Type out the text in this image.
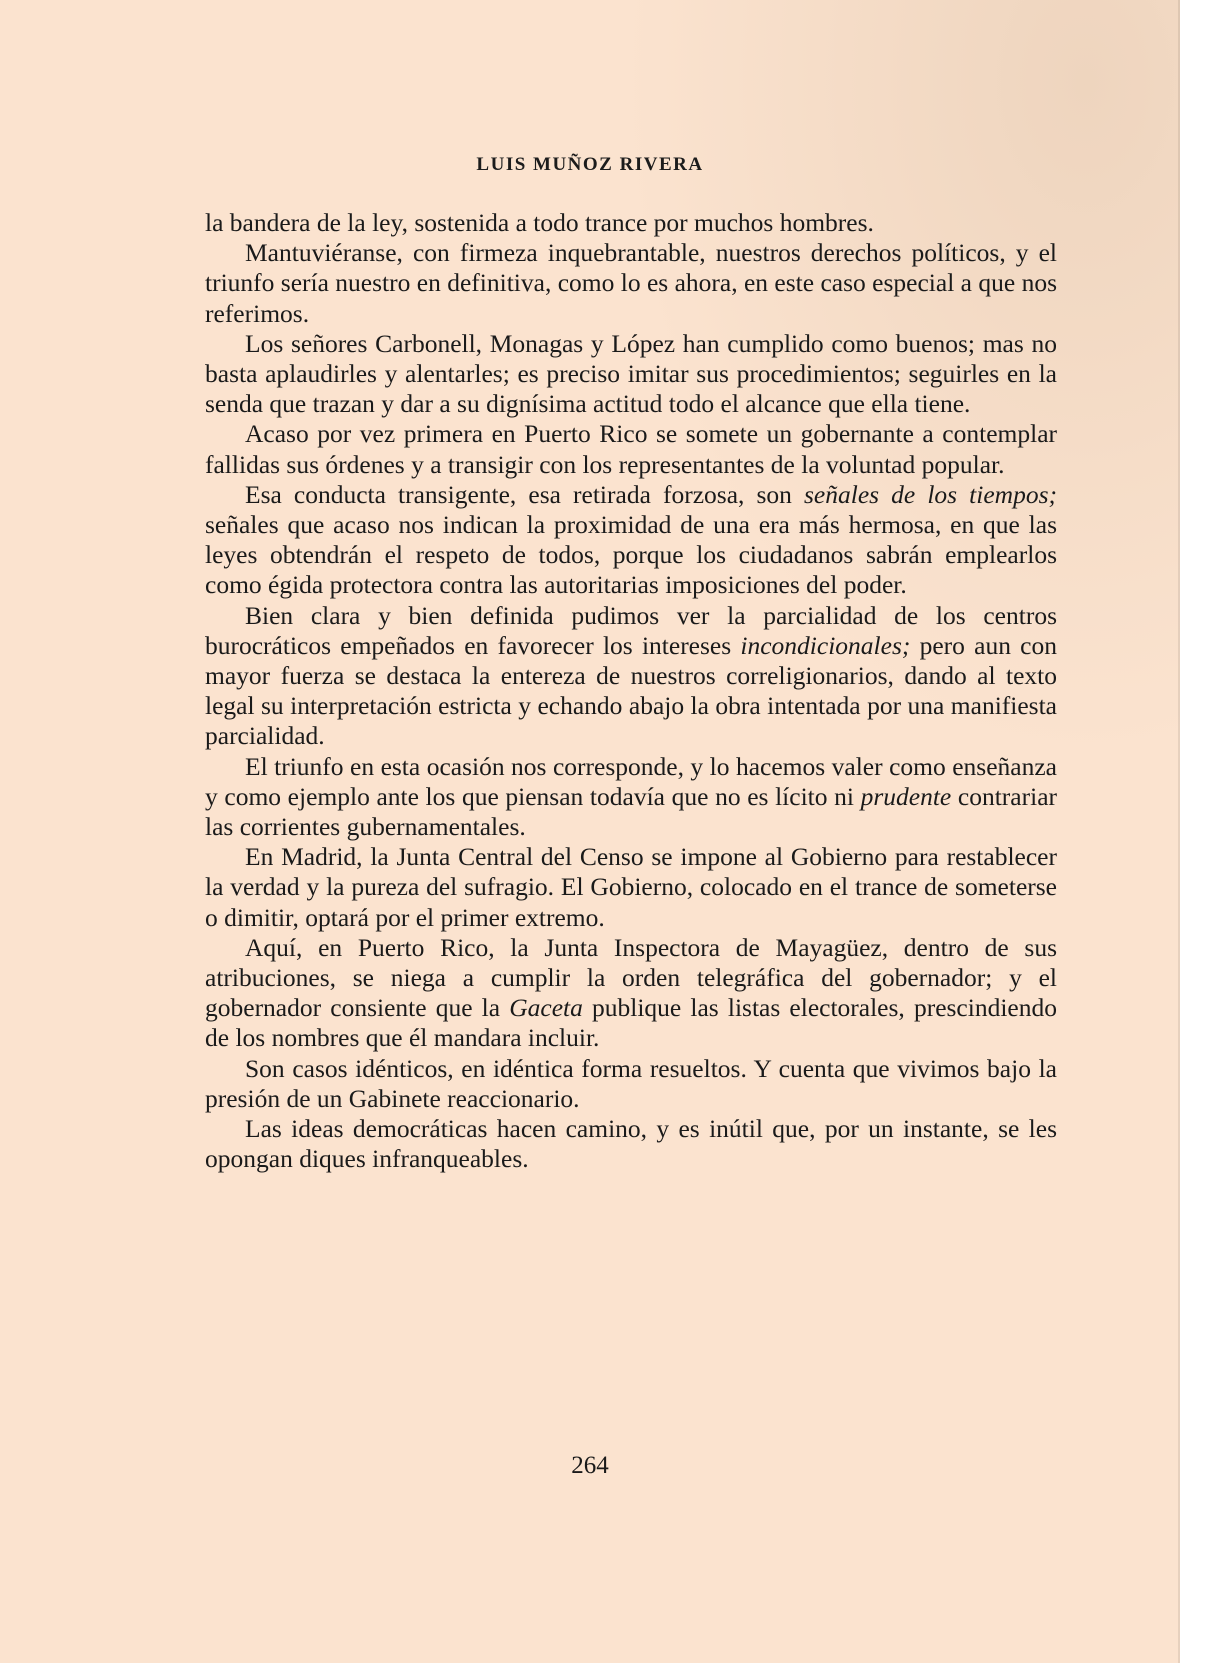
LUIS MUÑOZ RIVERA

la bandera de la ley, sostenida a todo trance por muchos hombres.

Mantuviéranse, con firmeza inquebrantable, nuestros derechos políticos, y el triunfo sería nuestro en definitiva, como lo es ahora, en este caso especial a que nos referimos.

Los señores Carbonell, Monagas y López han cumplido como buenos; mas no basta aplaudirles y alentarles; es preciso imitar sus procedimientos; seguirles en la senda que trazan y dar a su dignísima actitud todo el alcance que ella tiene.

Acaso por vez primera en Puerto Rico se somete un gobernante a contemplar fallidas sus órdenes y a transigir con los representantes de la voluntad popular.

Esa conducta transigente, esa retirada forzosa, son señales de los tiempos; señales que acaso nos indican la proximidad de una era más hermosa, en que las leyes obtendrán el respeto de todos, porque los ciudadanos sabrán emplearlos como égida protectora contra las autoritarias imposiciones del poder.

Bien clara y bien definida pudimos ver la parcialidad de los centros burocráticos empeñados en favorecer los intereses incondicionales; pero aun con mayor fuerza se destaca la entereza de nuestros correligionarios, dando al texto legal su interpretación estricta y echando abajo la obra intentada por una manifiesta parcialidad.

El triunfo en esta ocasión nos corresponde, y lo hacemos valer como enseñanza y como ejemplo ante los que piensan todavía que no es lícito ni prudente contrariar las corrientes gubernamentales.

En Madrid, la Junta Central del Censo se impone al Gobierno para restablecer la verdad y la pureza del sufragio. El Gobierno, colocado en el trance de someterse o dimitir, optará por el primer extremo.

Aquí, en Puerto Rico, la Junta Inspectora de Mayagüez, dentro de sus atribuciones, se niega a cumplir la orden telegráfica del gobernador; y el gobernador consiente que la Gaceta publique las listas electorales, prescindiendo de los nombres que él mandara incluir.

Son casos idénticos, en idéntica forma resueltos. Y cuenta que vivimos bajo la presión de un Gabinete reaccionario.

Las ideas democráticas hacen camino, y es inútil que, por un instante, se les opongan diques infranqueables.

264
